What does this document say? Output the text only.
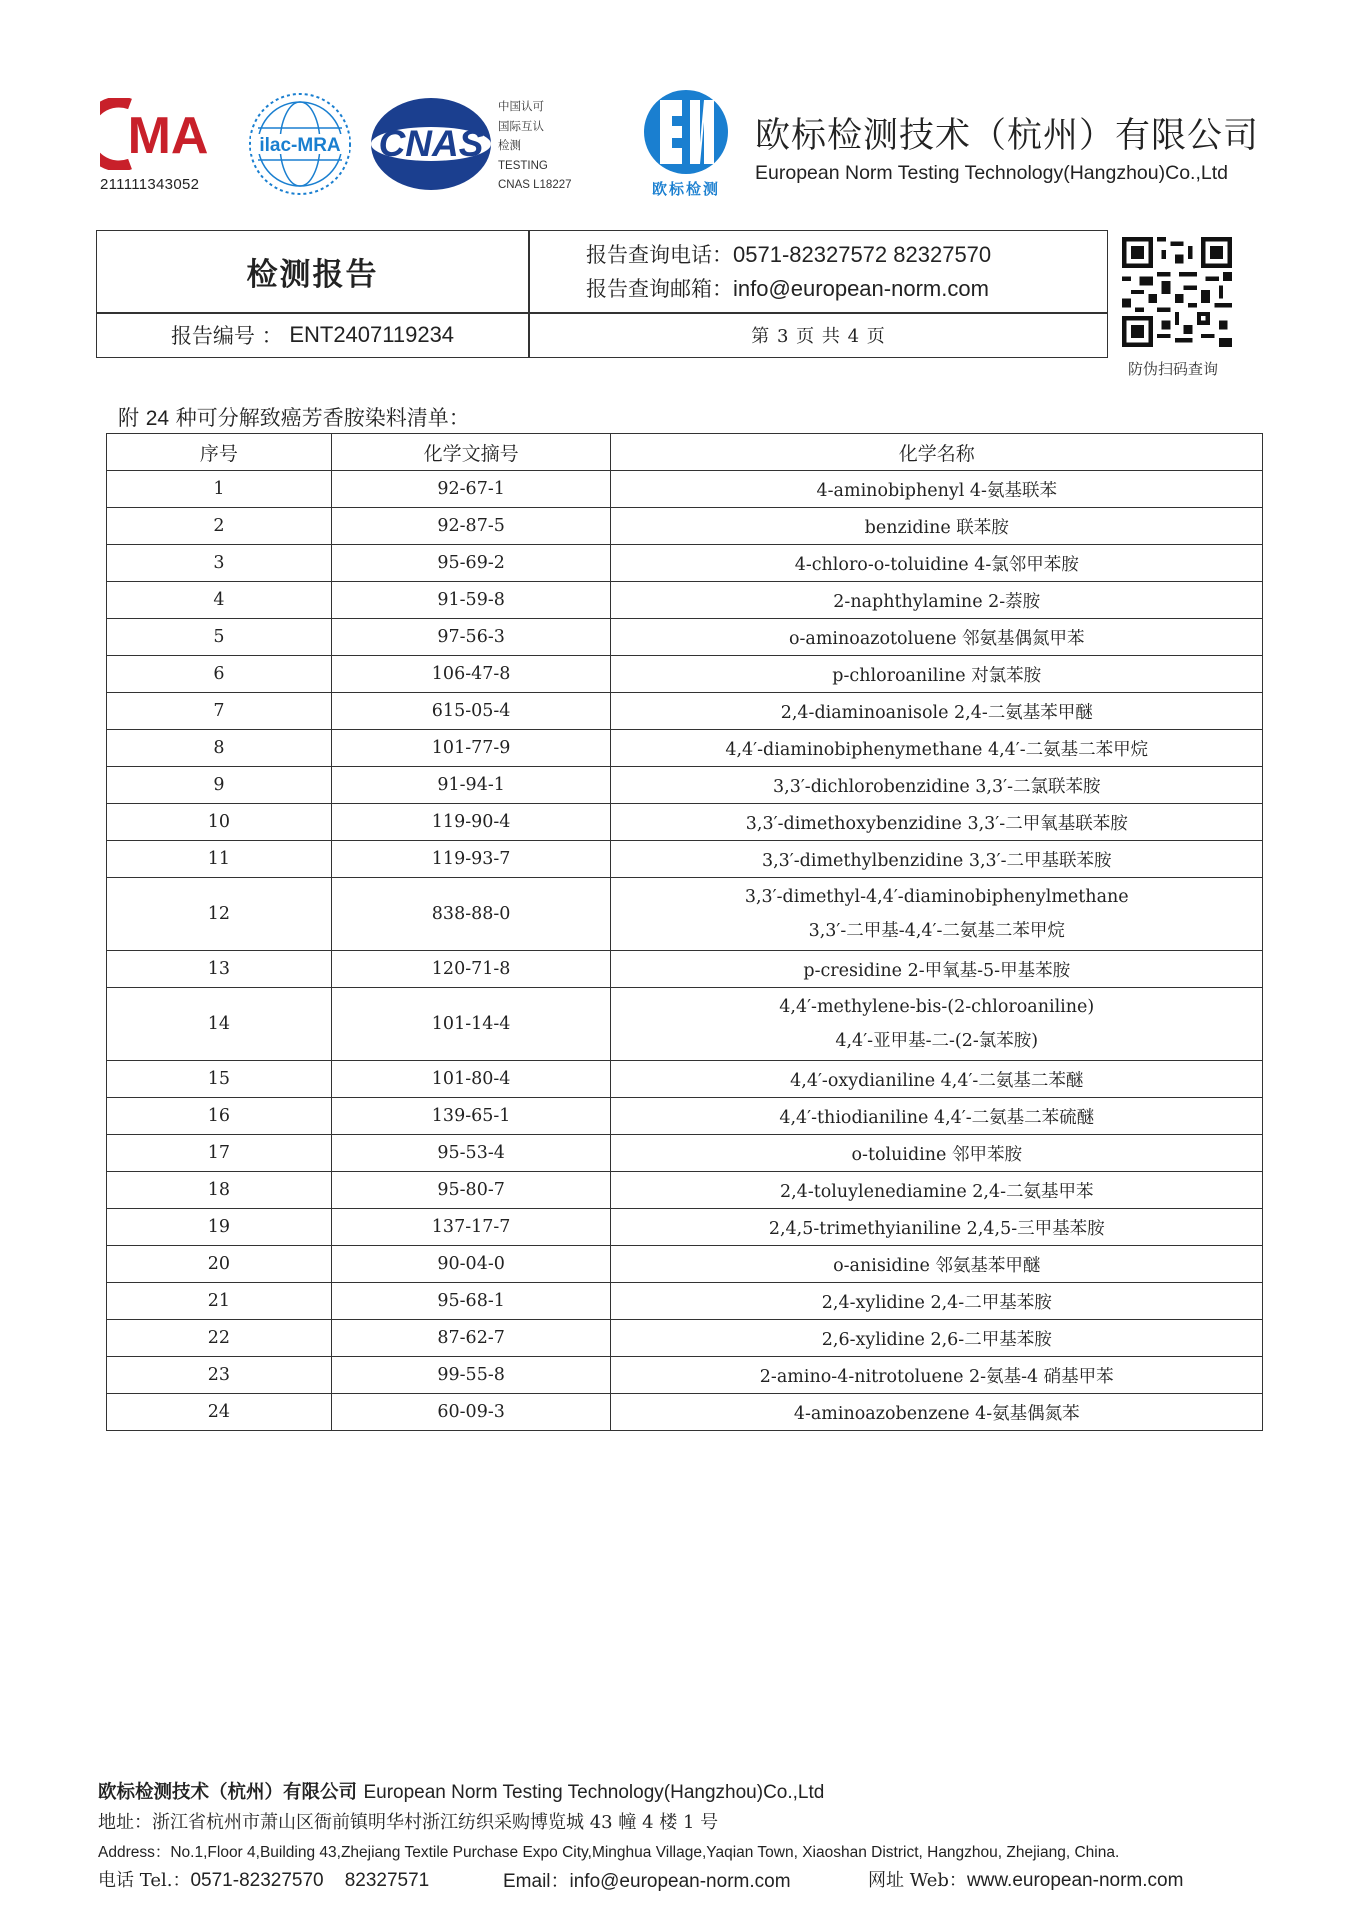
MA
211111343052
ilac-MRA CNAS
中国认可
国际互认
检测
TESTING
CNAS L18227	欧标检测
欧标检测技术（杭州）有限公司
European Norm Testing Technology(Hangzhou)Co.,Ltd
检测报告
报告查询电话：0571-82327572 82327570
报告查询邮箱：info@european-norm.com
报告编号 ：
ENT2407119234	第 3 页 共 4 页
防伪扫码查询
附 24 种可分解致癌芳香胺染料清单：
序号	化学文摘号	化学名称
1	92-67-1	4-aminobiphenyl 4-氨基联苯
2	92-87-5	benzidine 联苯胺
3	95-69-2	4-chloro-o-toluidine 4-氯邻甲苯胺
4	91-59-8	2-naphthylamine 2-萘胺
5	97-56-3	o-aminoazotoluene 邻氨基偶氮甲苯
6	106-47-8	p-chloroaniline 对氯苯胺
7	615-05-4	2,4-diaminoanisole 2,4-二氨基苯甲醚
8	101-77-9	4,4′-diaminobiphenymethane 4,4′-二氨基二苯甲烷
9	91-94-1	3,3′-dichlorobenzidine 3,3′-二氯联苯胺
10	119-90-4	3,3′-dimethoxybenzidine 3,3′-二甲氧基联苯胺
11	119-93-7	3,3′-dimethylbenzidine 3,3′-二甲基联苯胺
12	838-88-0	3,3′-dimethyl-4,4′-diaminobiphenylmethane
3,3′-二甲基-4,4′-二氨基二苯甲烷

13	120-71-8	p-cresidine 2-甲氧基-5-甲基苯胺
14	101-14-4	4,4′-methylene-bis-(2-chloroaniline)
4,4′-亚甲基-二-(2-氯苯胺)

15	101-80-4	4,4′-oxydianiline 4,4′-二氨基二苯醚
16	139-65-1	4,4′-thiodianiline 4,4′-二氨基二苯硫醚
17	95-53-4	o-toluidine 邻甲苯胺
18	95-80-7	2,4-toluylenediamine 2,4-二氨基甲苯
19	137-17-7	2,4,5-trimethyianiline 2,4,5-三甲基苯胺
20	90-04-0	o-anisidine 邻氨基苯甲醚
21	95-68-1	2,4-xylidine 2,4-二甲基苯胺
22	87-62-7	2,6-xylidine 2,6-二甲基苯胺
23	99-55-8	2-amino-4-nitrotoluene 2-氨基-4 硝基甲苯
24	60-09-3	4-aminoazobenzene 4-氨基偶氮苯
欧标检测技术（杭州）有限公司 European Norm Testing Technology(Hangzhou)Co.,Ltd
地址：浙江省杭州市萧山区衙前镇明华村浙江纺织采购博览城 43 幢 4 楼 1 号
Address：No.1,Floor 4,Building 43,Zhejiang Textile Purchase Expo City,Minghua Village,Yaqian Town, Xiaoshan District, Hangzhou, Zhejiang, China.
电话 Tel.：0571-82327570    82327571	Email：info@european-norm.com	网址 Web：www.european-norm.com
